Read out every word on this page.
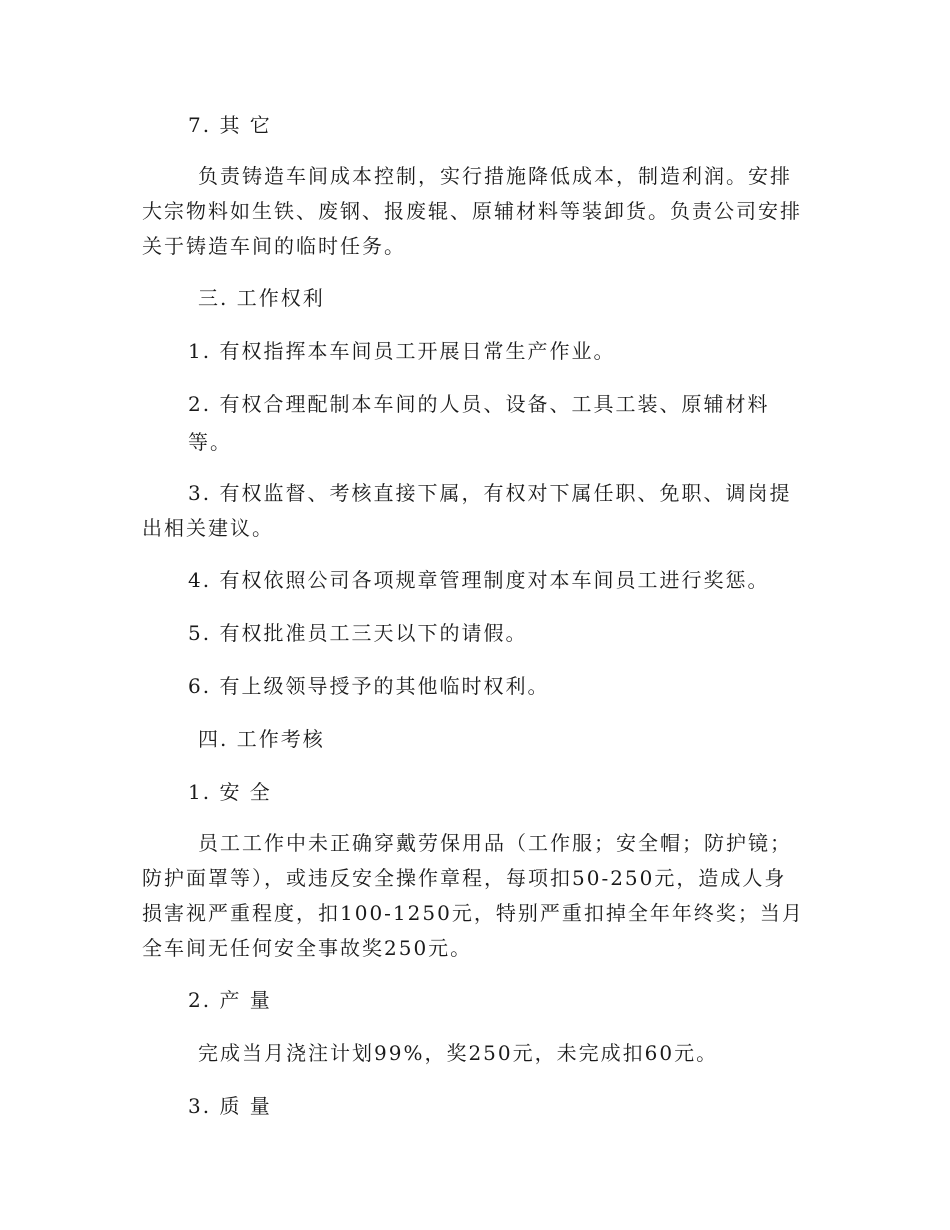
7. 其 它

负责铸造车间成本控制，实行措施降低成本，制造利润。安排大宗物料如生铁、废钢、报废辊、原辅材料等装卸货。负责公司安排关于铸造车间的临时任务。

三. 工作权利

1. 有权指挥本车间员工开展日常生产作业。

2. 有权合理配制本车间的人员、设备、工具工装、原辅材料等。

3. 有权监督、考核直接下属，有权对下属任职、免职、调岗提出相关建议。

4. 有权依照公司各项规章管理制度对本车间员工进行奖惩。

5. 有权批准员工三天以下的请假。

6. 有上级领导授予的其他临时权利。

四. 工作考核

1. 安 全

员工工作中未正确穿戴劳保用品（工作服；安全帽；防护镜；防护面罩等），或违反安全操作章程，每项扣50-250元，造成人身损害视严重程度，扣100-1250元，特别严重扣掉全年年终奖；当月全车间无任何安全事故奖250元。

2. 产 量

完成当月浇注计划99%，奖250元，未完成扣60元。

3. 质 量
